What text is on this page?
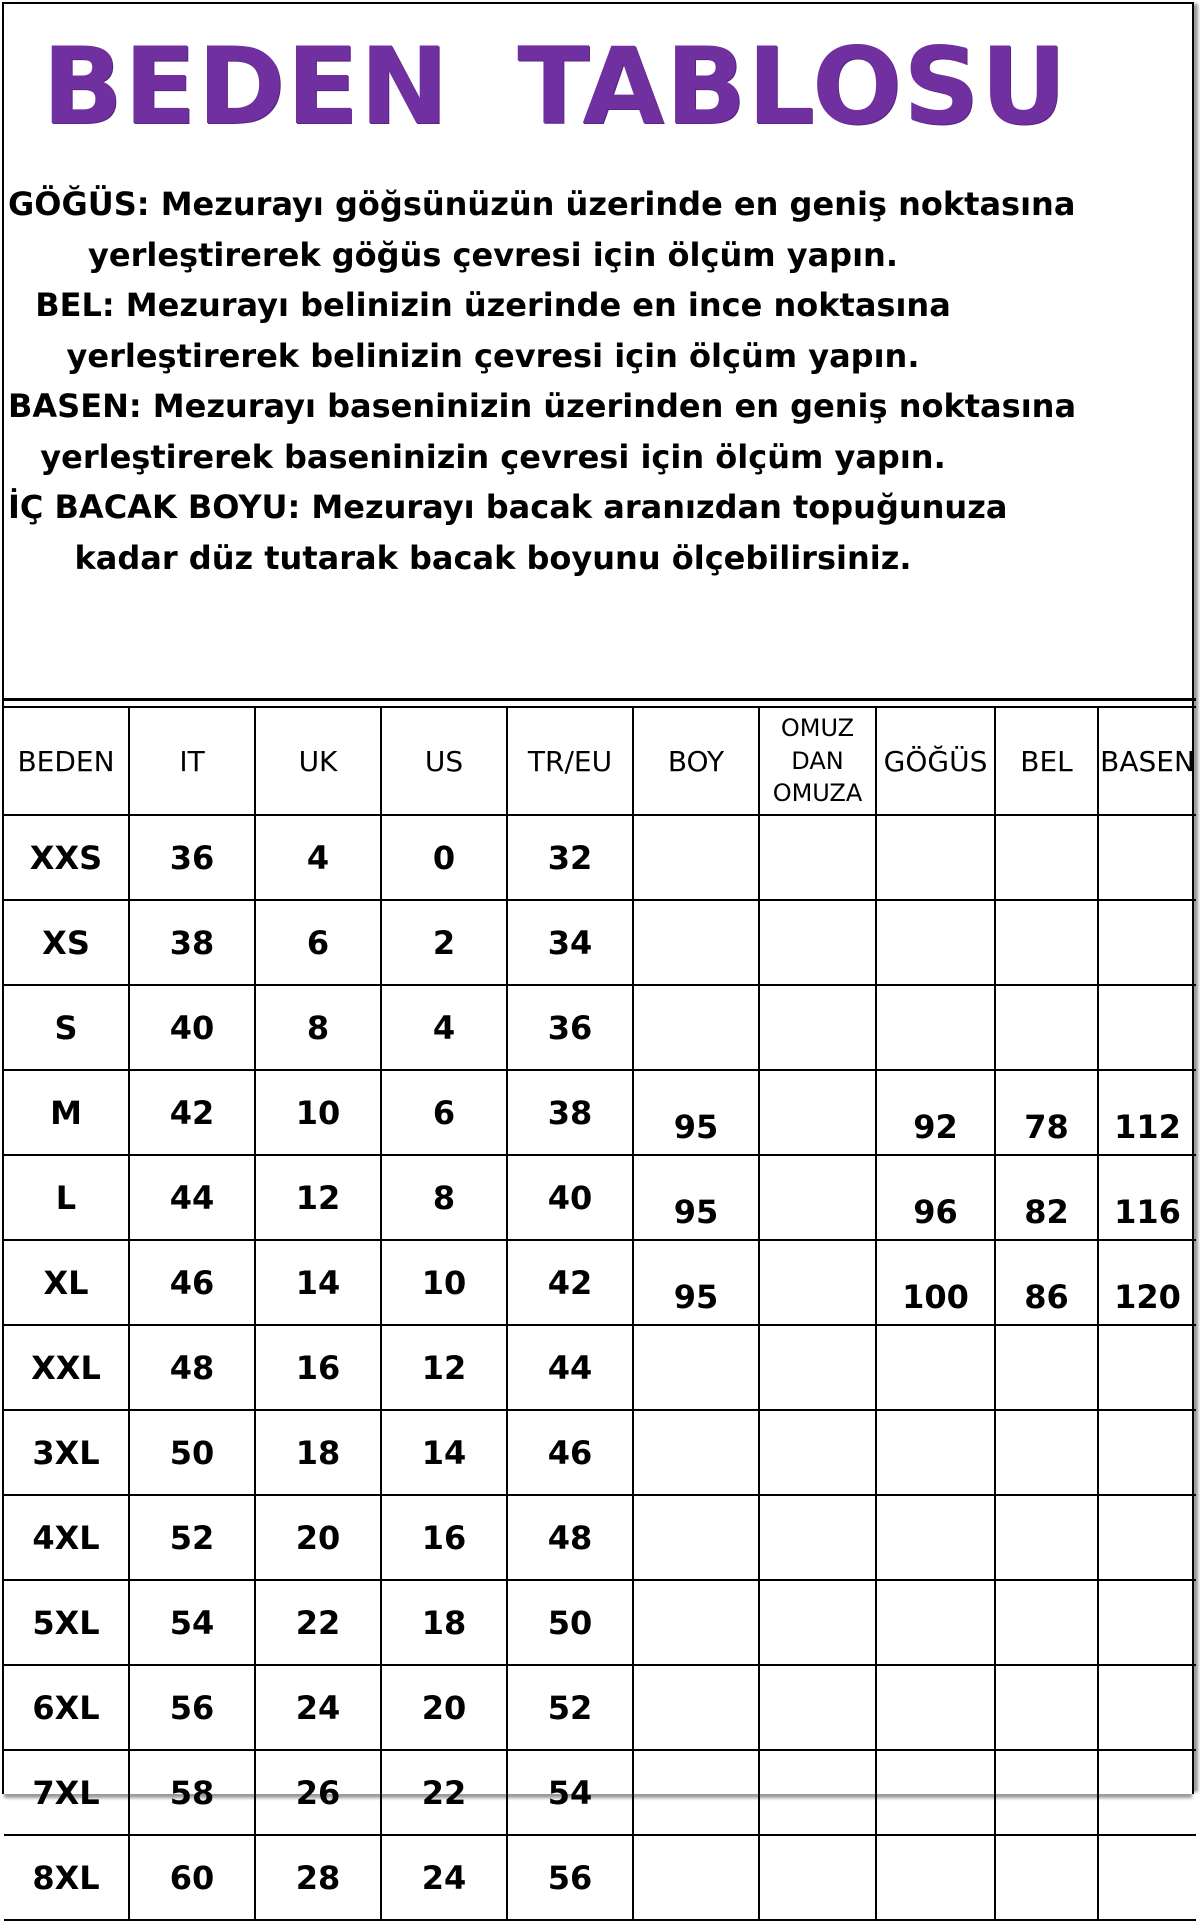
BEDEN TABLOSU
GÖĞÜS: Mezurayı göğsünüzün üzerinde en geniş noktasına
yerleştirerek göğüs çevresi için ölçüm yapın.
BEL: Mezurayı belinizin üzerinde en ince noktasına
yerleştirerek belinizin çevresi için ölçüm yapın.
BASEN: Mezurayı baseninizin üzerinden en geniş noktasına
yerleştirerek baseninizin çevresi için ölçüm yapın.
İÇ BACAK BOYU: Mezurayı bacak aranızdan topuğunuza
kadar düz tutarak bacak boyunu ölçebilirsiniz.
BEDEN	IT	UK	US	TR/EU	BOY	OMUZ
DAN
OMUZA	GÖĞÜS	BEL	BASEN
XXS	36	4	0	32					
XS	38	6	2	34					
S	40	8	4	36					
M	42	10	6	38	95		92	78	112
L	44	12	8	40	95		96	82	116
XL	46	14	10	42	95		100	86	120
XXL	48	16	12	44					
3XL	50	18	14	46					
4XL	52	20	16	48					
5XL	54	22	18	50					
6XL	56	24	20	52					
7XL	58	26	22	54					
8XL	60	28	24	56					
